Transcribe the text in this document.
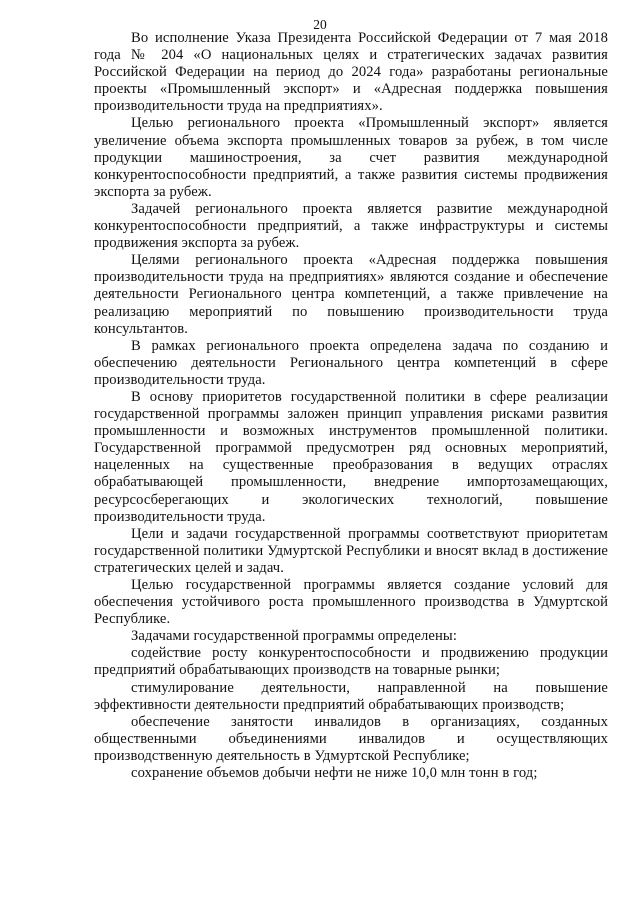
20

Во исполнение Указа Президента Российской Федерации от 7 мая 2018 года № 204 «О национальных целях и стратегических задачах развития Российской Федерации на период до 2024 года» разработаны региональные проекты «Промышленный экспорт» и «Адресная поддержка повышения производительности труда на предприятиях».

Целью регионального проекта «Промышленный экспорт» является увеличение объема экспорта промышленных товаров за рубеж, в том числе продукции машиностроения, за счет развития международной конкурентоспособности предприятий, а также развития системы продвижения экспорта за рубеж.

Задачей регионального проекта является развитие международной конкурентоспособности предприятий, а также инфраструктуры и системы продвижения экспорта за рубеж.

Целями регионального проекта «Адресная поддержка повышения производительности труда на предприятиях» являются создание и обеспечение деятельности Регионального центра компетенций, а также привлечение на реализацию мероприятий по повышению производительности труда консультантов.

В рамках регионального проекта определена задача по созданию и обеспечению деятельности Регионального центра компетенций в сфере производительности труда.

В основу приоритетов государственной политики в сфере реализации государственной программы заложен принцип управления рисками развития промышленности и возможных инструментов промышленной политики. Государственной программой предусмотрен ряд основных мероприятий, нацеленных на существенные преобразования в ведущих отраслях обрабатывающей промышленности, внедрение импортозамещающих, ресурсосберегающих и экологических технологий, повышение производительности труда.

Цели и задачи государственной программы соответствуют приоритетам государственной политики Удмуртской Республики и вносят вклад в достижение стратегических целей и задач.

Целью государственной программы является создание условий для обеспечения устойчивого роста промышленного производства в Удмуртской Республике.

Задачами государственной программы определены:

содействие росту конкурентоспособности и продвижению продукции предприятий обрабатывающих производств на товарные рынки;

стимулирование деятельности, направленной на повышение эффективности деятельности предприятий обрабатывающих производств;

обеспечение занятости инвалидов в организациях, созданных общественными объединениями инвалидов и осуществляющих производственную деятельность в Удмуртской Республике;

сохранение объемов добычи нефти не ниже 10,0 млн тонн в год;
